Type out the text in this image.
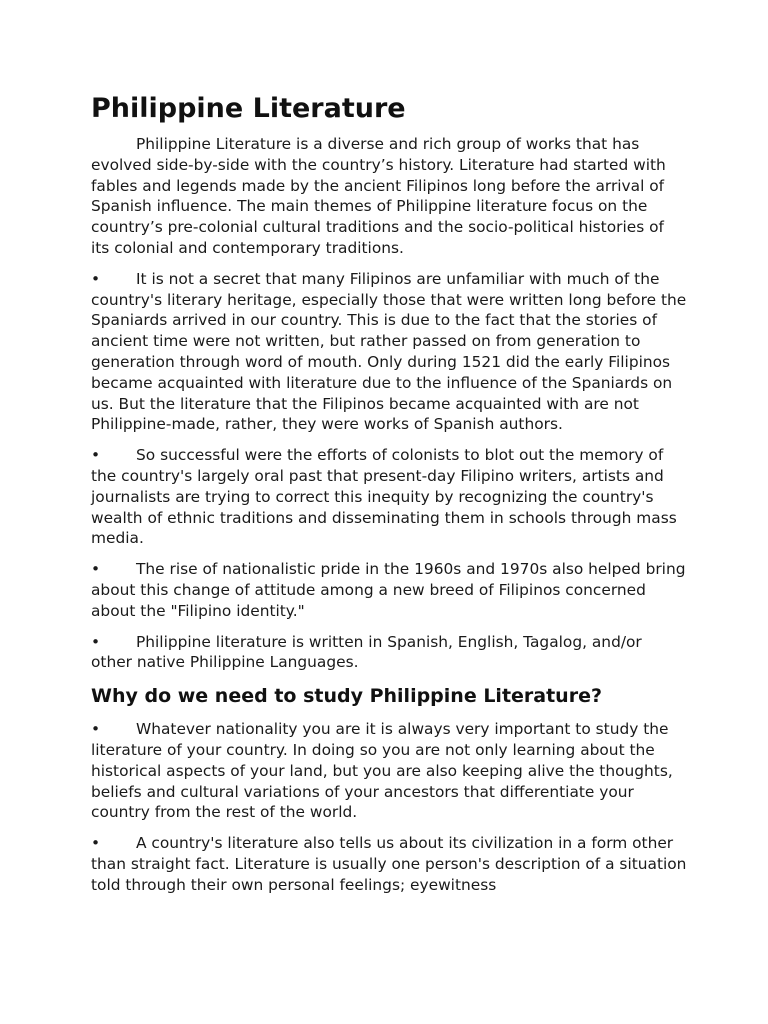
Philippine Literature

Philippine Literature is a diverse and rich group of works that has evolved side-by-side with the country’s history. Literature had started with fables and legends made by the ancient Filipinos long before the arrival of Spanish influence. The main themes of Philippine literature focus on the country’s pre-colonial cultural traditions and the socio-political histories of its colonial and contemporary traditions.

• It is not a secret that many Filipinos are unfamiliar with much of the country's literary heritage, especially those that were written long before the Spaniards arrived in our country. This is due to the fact that the stories of ancient time were not written, but rather passed on from generation to generation through word of mouth. Only during 1521 did the early Filipinos became acquainted with literature due to the influence of the Spaniards on us. But the literature that the Filipinos became acquainted with are not Philippine-made, rather, they were works of Spanish authors.
• So successful were the efforts of colonists to blot out the memory of the country's largely oral past that present-day Filipino writers, artists and journalists are trying to correct this inequity by recognizing the country's wealth of ethnic traditions and disseminating them in schools through mass media.
• The rise of nationalistic pride in the 1960s and 1970s also helped bring about this change of attitude among a new breed of Filipinos concerned about the "Filipino identity."
• Philippine literature is written in Spanish, English, Tagalog, and/or other native Philippine Languages.
Why do we need to study Philippine Literature?
• Whatever nationality you are it is always very important to study the literature of your country. In doing so you are not only learning about the historical aspects of your land, but you are also keeping alive the thoughts, beliefs and cultural variations of your ancestors that differentiate your country from the rest of the world.
• A country's literature also tells us about its civilization in a form other than straight fact. Literature is usually one person's description of a situation told through their own personal feelings; eyewitness
